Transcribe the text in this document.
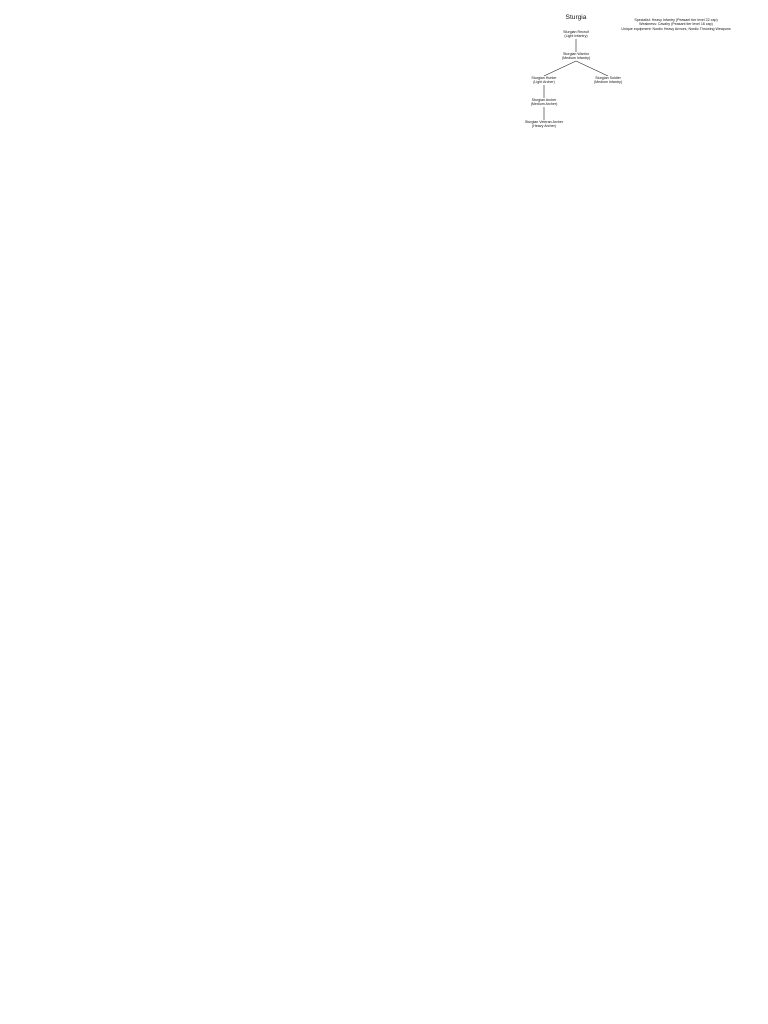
Sturgia	Specialist: Heavy Infantry (Peasant tier level 22 cap)
Weakness: Cavalry (Peasant tier level 16 cap)
Unique equipment: Nordic Heavy Armors, Nordic Throwing Weapons
Sturgian Recruit
(Light Infantry)
Sturgian Warrior
(Medium Infantry)
Sturgian Hunter
(Light Archer)
Sturgian Soldier
(Medium Infantry)
Sturgian Archer
(Medium Archer)
Sturgian Veteran Archer
(Heavy Archer)
